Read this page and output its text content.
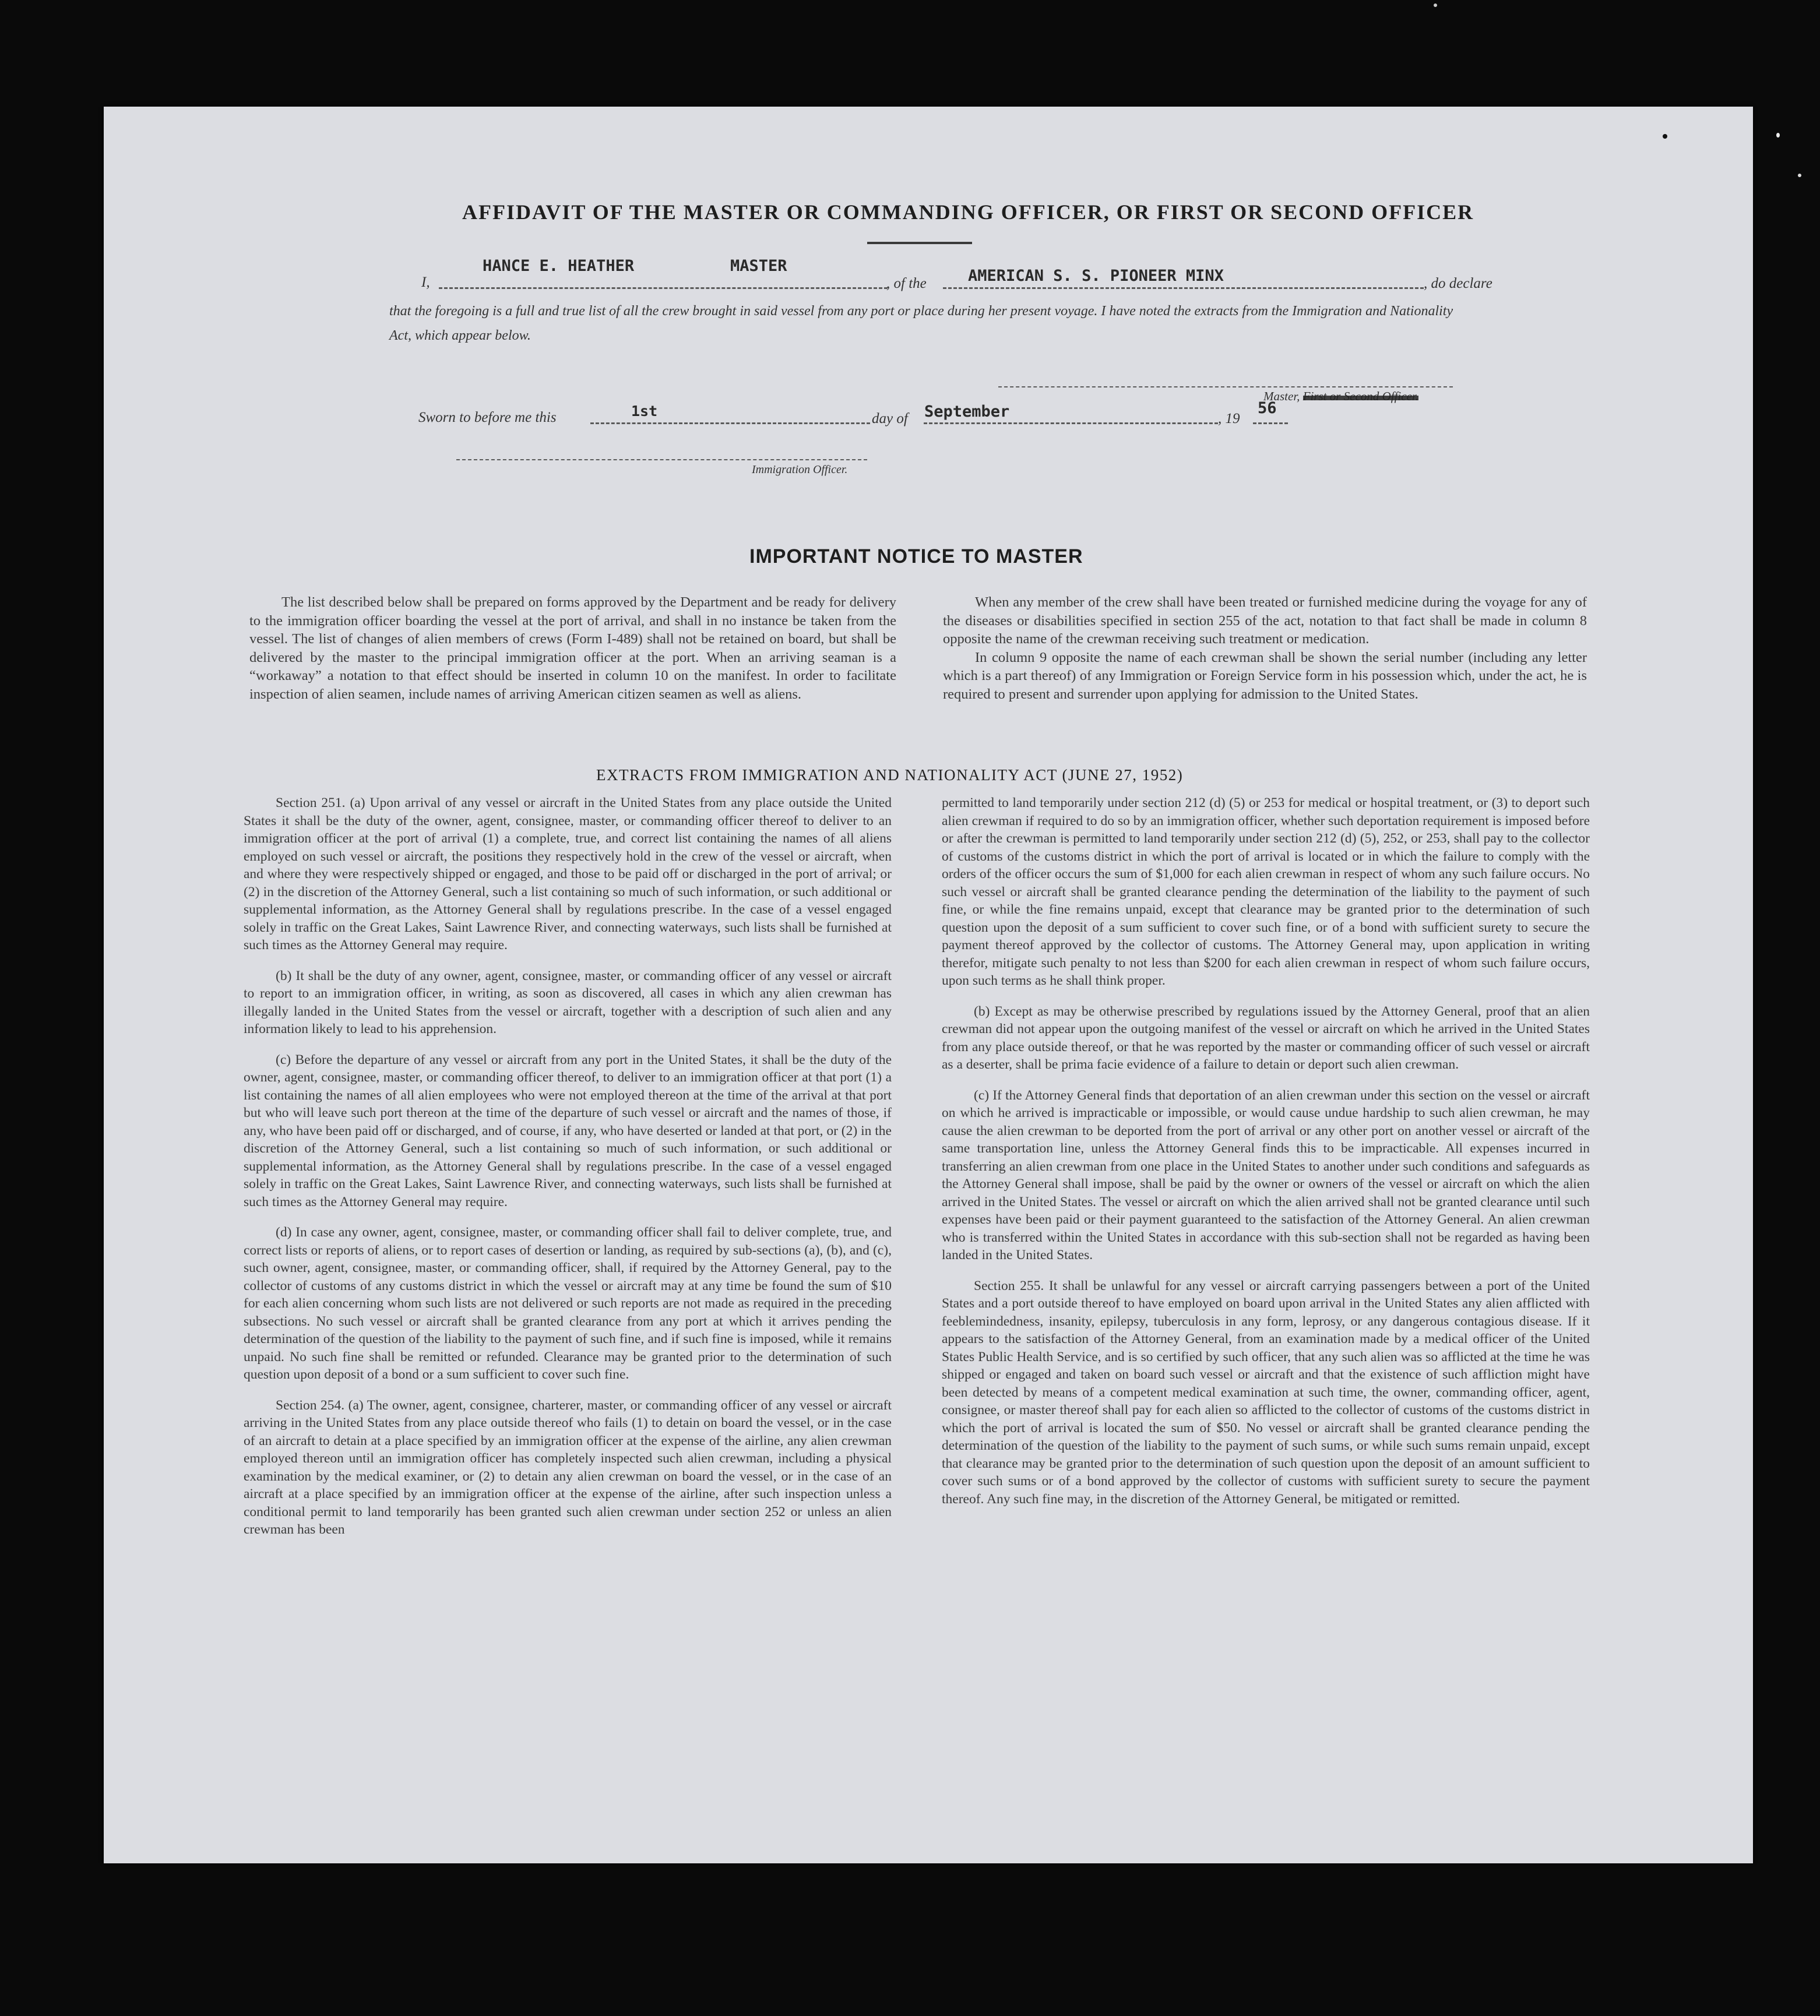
AFFIDAVIT OF THE MASTER OR COMMANDING OFFICER, OR FIRST OR SECOND OFFICER
I,
HANCE E. HEATHER	MASTER
, of the	AMERICAN S. S. PIONEER MINX	, do declare
that the foregoing is a full and true list of all the crew brought in said vessel from any port or place during her present voyage. I have noted the extracts from the Immigration and Nationality Act, which appear below.
Master, First or Second Officer.
Sworn to before me this	1st	day of September	, 19
56
Immigration Officer.
IMPORTANT NOTICE TO MASTER

The list described below shall be prepared on forms approved by the Department and be ready for delivery to the immigration officer boarding the vessel at the port of arrival, and shall in no instance be taken from the vessel. The list of changes of alien members of crews (Form I-489) shall not be retained on board, but shall be delivered by the master to the principal immigration officer at the port. When an arriving seaman is a “workaway” a notation to that effect should be inserted in column 10 on the manifest. In order to facilitate inspection of alien seamen, include names of arriving American citizen seamen as well as aliens.

When any member of the crew shall have been treated or furnished medicine during the voyage for any of the diseases or disabilities specified in section 255 of the act, notation to that fact shall be made in column 8 opposite the name of the crewman receiving such treatment or medication.

In column 9 opposite the name of each crewman shall be shown the serial number (including any letter which is a part thereof) of any Immigration or Foreign Service form in his possession which, under the act, he is required to present and surrender upon applying for admission to the United States.

EXTRACTS FROM IMMIGRATION AND NATIONALITY ACT (JUNE 27, 1952)

Section 251. (a) Upon arrival of any vessel or aircraft in the United States from any place outside the United States it shall be the duty of the owner, agent, consignee, master, or commanding officer thereof to deliver to an immigration officer at the port of arrival (1) a complete, true, and correct list containing the names of all aliens employed on such vessel or aircraft, the positions they respectively hold in the crew of the vessel or aircraft, when and where they were respectively shipped or engaged, and those to be paid off or discharged in the port of arrival; or (2) in the discretion of the Attorney General, such a list containing so much of such information, or such additional or supplemental information, as the Attorney General shall by regulations prescribe. In the case of a vessel engaged solely in traffic on the Great Lakes, Saint Lawrence River, and connecting waterways, such lists shall be furnished at such times as the Attorney General may require.

(b) It shall be the duty of any owner, agent, consignee, master, or commanding officer of any vessel or aircraft to report to an immigration officer, in writing, as soon as discovered, all cases in which any alien crewman has illegally landed in the United States from the vessel or aircraft, together with a description of such alien and any information likely to lead to his apprehension.

(c) Before the departure of any vessel or aircraft from any port in the United States, it shall be the duty of the owner, agent, consignee, master, or commanding officer thereof, to deliver to an immigration officer at that port (1) a list containing the names of all alien employees who were not employed thereon at the time of the arrival at that port but who will leave such port thereon at the time of the departure of such vessel or aircraft and the names of those, if any, who have been paid off or discharged, and of course, if any, who have deserted or landed at that port, or (2) in the discretion of the Attorney General, such a list containing so much of such information, or such additional or supplemental information, as the Attorney General shall by regulations prescribe. In the case of a vessel engaged solely in traffic on the Great Lakes, Saint Lawrence River, and connecting waterways, such lists shall be furnished at such times as the Attorney General may require.

(d) In case any owner, agent, consignee, master, or commanding officer shall fail to deliver complete, true, and correct lists or reports of aliens, or to report cases of desertion or landing, as required by sub-sections (a), (b), and (c), such owner, agent, consignee, master, or commanding officer, shall, if required by the Attorney General, pay to the collector of customs of any customs district in which the vessel or aircraft may at any time be found the sum of $10 for each alien concerning whom such lists are not delivered or such reports are not made as required in the preceding subsections. No such vessel or aircraft shall be granted clearance from any port at which it arrives pending the determination of the question of the liability to the payment of such fine, and if such fine is imposed, while it remains unpaid. No such fine shall be remitted or refunded. Clearance may be granted prior to the determination of such question upon deposit of a bond or a sum sufficient to cover such fine.

Section 254. (a) The owner, agent, consignee, charterer, master, or commanding officer of any vessel or aircraft arriving in the United States from any place outside thereof who fails (1) to detain on board the vessel, or in the case of an aircraft to detain at a place specified by an immigration officer at the expense of the airline, any alien crewman employed thereon until an immigration officer has completely inspected such alien crewman, including a physical examination by the medical examiner, or (2) to detain any alien crewman on board the vessel, or in the case of an aircraft at a place specified by an immigration officer at the expense of the airline, after such inspection unless a conditional permit to land temporarily has been granted such alien crewman under section 252 or unless an alien crewman has been

permitted to land temporarily under section 212 (d) (5) or 253 for medical or hospital treatment, or (3) to deport such alien crewman if required to do so by an immigration officer, whether such deportation requirement is imposed before or after the crewman is permitted to land temporarily under section 212 (d) (5), 252, or 253, shall pay to the collector of customs of the customs district in which the port of arrival is located or in which the failure to comply with the orders of the officer occurs the sum of $1,000 for each alien crewman in respect of whom any such failure occurs. No such vessel or aircraft shall be granted clearance pending the determination of the liability to the payment of such fine, or while the fine remains unpaid, except that clearance may be granted prior to the determination of such question upon the deposit of a sum sufficient to cover such fine, or of a bond with sufficient surety to secure the payment thereof approved by the collector of customs. The Attorney General may, upon application in writing therefor, mitigate such penalty to not less than $200 for each alien crewman in respect of whom such failure occurs, upon such terms as he shall think proper.

(b) Except as may be otherwise prescribed by regulations issued by the Attorney General, proof that an alien crewman did not appear upon the outgoing manifest of the vessel or aircraft on which he arrived in the United States from any place outside thereof, or that he was reported by the master or commanding officer of such vessel or aircraft as a deserter, shall be prima facie evidence of a failure to detain or deport such alien crewman.

(c) If the Attorney General finds that deportation of an alien crewman under this section on the vessel or aircraft on which he arrived is impracticable or impossible, or would cause undue hardship to such alien crewman, he may cause the alien crewman to be deported from the port of arrival or any other port on another vessel or aircraft of the same transportation line, unless the Attorney General finds this to be impracticable. All expenses incurred in transferring an alien crewman from one place in the United States to another under such conditions and safeguards as the Attorney General shall impose, shall be paid by the owner or owners of the vessel or aircraft on which the alien arrived in the United States. The vessel or aircraft on which the alien arrived shall not be granted clearance until such expenses have been paid or their payment guaranteed to the satisfaction of the Attorney General. An alien crewman who is transferred within the United States in accordance with this sub-section shall not be regarded as having been landed in the United States.

Section 255. It shall be unlawful for any vessel or aircraft carrying passengers between a port of the United States and a port outside thereof to have employed on board upon arrival in the United States any alien afflicted with feeblemindedness, insanity, epilepsy, tuberculosis in any form, leprosy, or any dangerous contagious disease. If it appears to the satisfaction of the Attorney General, from an examination made by a medical officer of the United States Public Health Service, and is so certified by such officer, that any such alien was so afflicted at the time he was shipped or engaged and taken on board such vessel or aircraft and that the existence of such affliction might have been detected by means of a competent medical examination at such time, the owner, commanding officer, agent, consignee, or master thereof shall pay for each alien so afflicted to the collector of customs of the customs district in which the port of arrival is located the sum of $50. No vessel or aircraft shall be granted clearance pending the determination of the question of the liability to the payment of such sums, or while such sums remain unpaid, except that clearance may be granted prior to the determination of such question upon the deposit of an amount sufficient to cover such sums or of a bond approved by the collector of customs with sufficient surety to secure the payment thereof. Any such fine may, in the discretion of the Attorney General, be mitigated or remitted.
